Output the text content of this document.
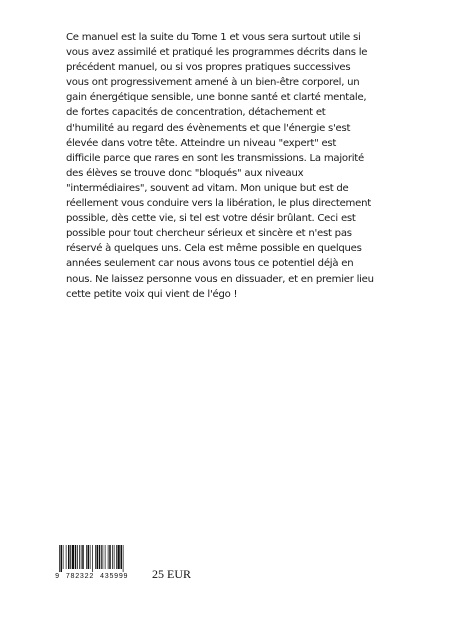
Ce manuel est la suite du Tome 1 et vous sera surtout utile si
vous avez assimilé et pratiqué les programmes décrits dans le
précédent manuel, ou si vos propres pratiques successives
vous ont progressivement amené à un bien-être corporel, un
gain énergétique sensible, une bonne santé et clarté mentale,
de fortes capacités de concentration, détachement et
d'humilité au regard des évènements et que l'énergie s'est
élevée dans votre tête. Atteindre un niveau "expert" est
difficile parce que rares en sont les transmissions. La majorité
des élèves se trouve donc "bloqués" aux niveaux
"intermédiaires", souvent ad vitam. Mon unique but est de
réellement vous conduire vers la libération, le plus directement
possible, dès cette vie, si tel est votre désir brûlant. Ceci est
possible pour tout chercheur sérieux et sincère et n'est pas
réservé à quelques uns. Cela est même possible en quelques
années seulement car nous avons tous ce potentiel déjà en
nous. Ne laissez personne vous en dissuader, et en premier lieu
cette petite voix qui vient de l'égo !

9 782322 435999	25 EUR
